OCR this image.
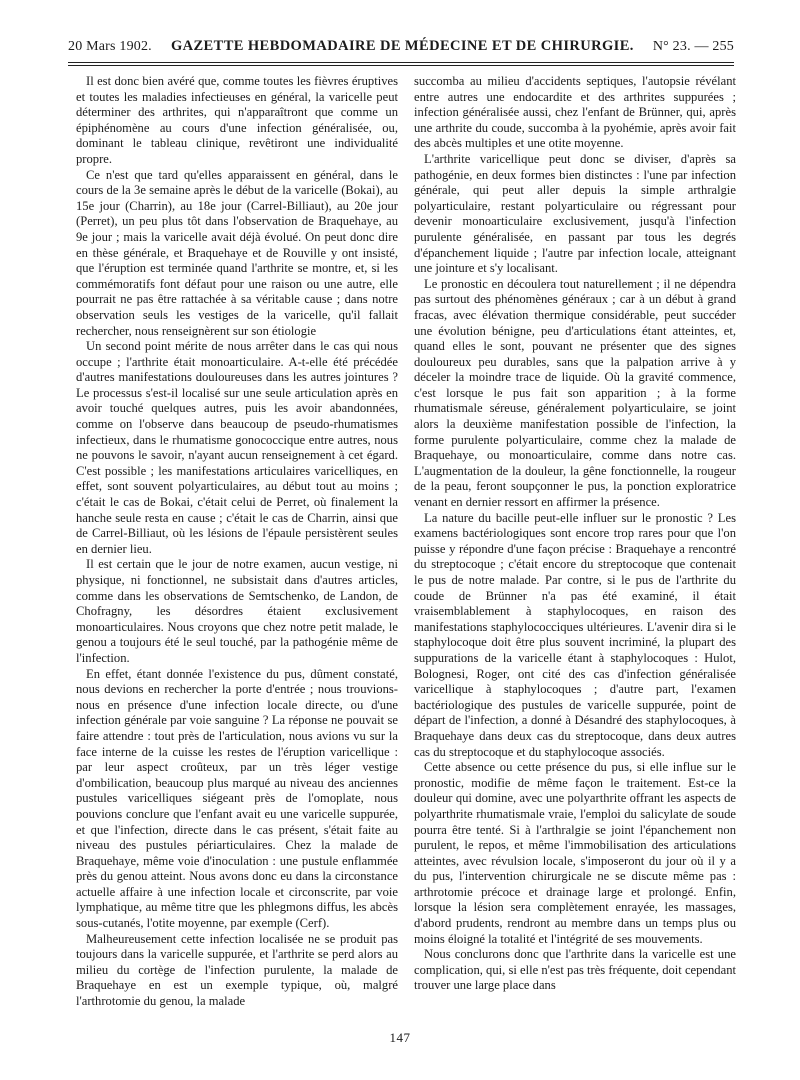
20 Mars 1902. GAZETTE HEBDOMADAIRE DE MÉDECINE ET DE CHIRURGIE. N° 23. — 255

Il est donc bien avéré que, comme toutes les fièvres éruptives et toutes les maladies infectieuses en général, la varicelle peut déterminer des arthrites, qui n'apparaîtront que comme un épiphénomène au cours d'une infection généralisée, ou, dominant le tableau clinique, revêtiront une individualité propre.

Ce n'est que tard qu'elles apparaissent en général, dans le cours de la 3e semaine après le début de la varicelle (Bokai), au 15e jour (Charrin), au 18e jour (Carrel-Billiaut), au 20e jour (Perret), un peu plus tôt dans l'observation de Braquehaye, au 9e jour ; mais la varicelle avait déjà évolué. On peut donc dire en thèse générale, et Braquehaye et de Rouville y ont insisté, que l'éruption est terminée quand l'arthrite se montre, et, si les commémoratifs font défaut pour une raison ou une autre, elle pourrait ne pas être rattachée à sa véritable cause ; dans notre observation seuls les vestiges de la varicelle, qu'il fallait rechercher, nous renseignèrent sur son étiologie

Un second point mérite de nous arrêter dans le cas qui nous occupe ; l'arthrite était monoarticulaire. A-t-elle été précédée d'autres manifestations douloureuses dans les autres jointures ? Le processus s'est-il localisé sur une seule articulation après en avoir touché quelques autres, puis les avoir abandonnées, comme on l'observe dans beaucoup de pseudo-rhumatismes infectieux, dans le rhumatisme gonococcique entre autres, nous ne pouvons le savoir, n'ayant aucun renseignement à cet égard. C'est possible ; les manifestations articulaires varicelliques, en effet, sont souvent polyarticulaires, au début tout au moins ; c'était le cas de Bokai, c'était celui de Perret, où finalement la hanche seule resta en cause ; c'était le cas de Charrin, ainsi que de Carrel-Billiaut, où les lésions de l'épaule persistèrent seules en dernier lieu.

Il est certain que le jour de notre examen, aucun vestige, ni physique, ni fonctionnel, ne subsistait dans d'autres articles, comme dans les observations de Semtschenko, de Landon, de Chofragny, les désordres étaient exclusivement monoarticulaires. Nous croyons que chez notre petit malade, le genou a toujours été le seul touché, par la pathogénie même de l'infection.

En effet, étant donnée l'existence du pus, dûment constaté, nous devions en rechercher la porte d'entrée ; nous trouvions-nous en présence d'une infection locale directe, ou d'une infection générale par voie sanguine ? La réponse ne pouvait se faire attendre : tout près de l'articulation, nous avions vu sur la face interne de la cuisse les restes de l'éruption varicellique : par leur aspect croûteux, par un très léger vestige d'ombilication, beaucoup plus marqué au niveau des anciennes pustules varicelliques siégeant près de l'omoplate, nous pouvions conclure que l'enfant avait eu une varicelle suppurée, et que l'infection, directe dans le cas présent, s'était faite au niveau des pustules périarticulaires. Chez la malade de Braquehaye, même voie d'inoculation : une pustule enflammée près du genou atteint. Nous avons donc eu dans la circonstance actuelle affaire à une infection locale et circonscrite, par voie lymphatique, au même titre que les phlegmons diffus, les abcès sous-cutanés, l'otite moyenne, par exemple (Cerf).

Malheureusement cette infection localisée ne se produit pas toujours dans la varicelle suppurée, et l'arthrite se perd alors au milieu du cortège de l'infection purulente, la malade de Braquehaye en est un exemple typique, où, malgré l'arthrotomie du genou, la malade

succomba au milieu d'accidents septiques, l'autopsie révélant entre autres une endocardite et des arthrites suppurées ; infection généralisée aussi, chez l'enfant de Brünner, qui, après une arthrite du coude, succomba à la pyohémie, après avoir fait des abcès multiples et une otite moyenne.

L'arthrite varicellique peut donc se diviser, d'après sa pathogénie, en deux formes bien distinctes : l'une par infection générale, qui peut aller depuis la simple arthralgie polyarticulaire, restant polyarticulaire ou régressant pour devenir monoarticulaire exclusivement, jusqu'à l'infection purulente généralisée, en passant par tous les degrés d'épanchement liquide ; l'autre par infection locale, atteignant une jointure et s'y localisant.

Le pronostic en découlera tout naturellement ; il ne dépendra pas surtout des phénomènes généraux ; car à un début à grand fracas, avec élévation thermique considérable, peut succéder une évolution bénigne, peu d'articulations étant atteintes, et, quand elles le sont, pouvant ne présenter que des signes douloureux peu durables, sans que la palpation arrive à y déceler la moindre trace de liquide. Où la gravité commence, c'est lorsque le pus fait son apparition ; à la forme rhumatismale séreuse, généralement polyarticulaire, se joint alors la deuxième manifestation possible de l'infection, la forme purulente polyarticulaire, comme chez la malade de Braquehaye, ou monoarticulaire, comme dans notre cas. L'augmentation de la douleur, la gêne fonctionnelle, la rougeur de la peau, feront soupçonner le pus, la ponction exploratrice venant en dernier ressort en affirmer la présence.

La nature du bacille peut-elle influer sur le pronostic ? Les examens bactériologiques sont encore trop rares pour que l'on puisse y répondre d'une façon précise : Braquehaye a rencontré du streptocoque ; c'était encore du streptocoque que contenait le pus de notre malade. Par contre, si le pus de l'arthrite du coude de Brünner n'a pas été examiné, il était vraisemblablement à staphylocoques, en raison des manifestations staphylococciques ultérieures. L'avenir dira si le staphylocoque doit être plus souvent incriminé, la plupart des suppurations de la varicelle étant à staphylocoques : Hulot, Bolognesi, Roger, ont cité des cas d'infection généralisée varicellique à staphylocoques ; d'autre part, l'examen bactériologique des pustules de varicelle suppurée, point de départ de l'infection, a donné à Désandré des staphylocoques, à Braquehaye dans deux cas du streptocoque, dans deux autres cas du streptocoque et du staphylocoque associés.

Cette absence ou cette présence du pus, si elle influe sur le pronostic, modifie de même façon le traitement. Est-ce la douleur qui domine, avec une polyarthrite offrant les aspects de polyarthrite rhumatismale vraie, l'emploi du salicylate de soude pourra être tenté. Si à l'arthralgie se joint l'épanchement non purulent, le repos, et même l'immobilisation des articulations atteintes, avec révulsion locale, s'imposeront du jour où il y a du pus, l'intervention chirurgicale ne se discute même pas : arthrotomie précoce et drainage large et prolongé. Enfin, lorsque la lésion sera complètement enrayée, les massages, d'abord prudents, rendront au membre dans un temps plus ou moins éloigné la totalité et l'intégrité de ses mouvements.

Nous conclurons donc que l'arthrite dans la varicelle est une complication, qui, si elle n'est pas très fréquente, doit cependant trouver une large place dans

147
